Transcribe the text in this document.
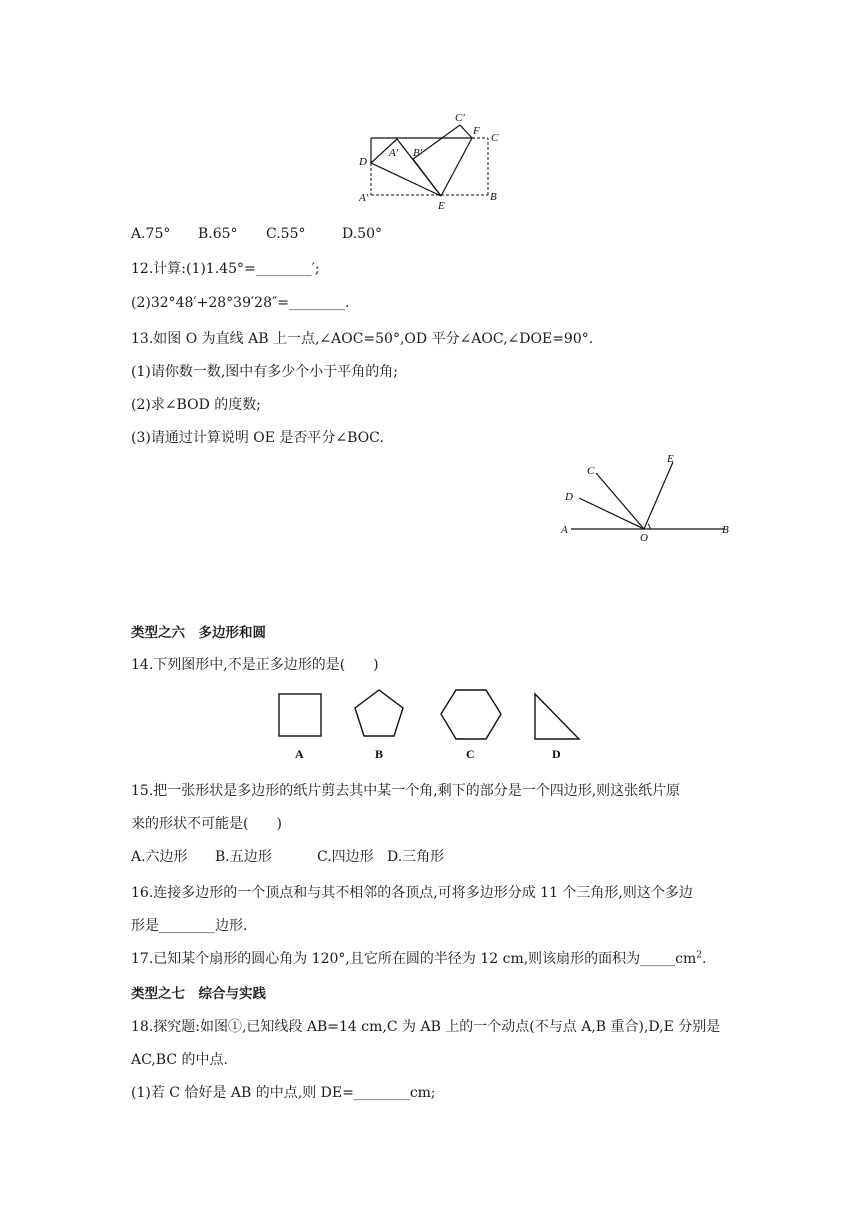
C′
F
C
D
A′ B′
A′
E
B
A.75° B.65° C.55°	D.50°
12.计算:(1)1.45°=________′;
(2)32°48′+28°39′28″=________.
13.如图 O 为直线 AB 上一点,∠AOC=50°,OD 平分∠AOC,∠DOE=90°.
(1)请你数一数,图中有多少个小于平角的角;
(2)求∠BOD 的度数;
(3)请通过计算说明 OE 是否平分∠BOC.
C
E
D
A
O
B
类型之六　多边形和圆
14.下列图形中,不是正多边形的是(　　)
A	B	C	D
15.把一张形状是多边形的纸片剪去其中某一个角,剩下的部分是一个四边形,则这张纸片原
来的形状不可能是(　　)
A.六边形 B.五边形	C.四边形 D.三角形
16.连接多边形的一个顶点和与其不相邻的各顶点,可将多边形分成 11 个三角形,则这个多边
形是________边形.
17.已知某个扇形的圆心角为 120°,且它所在圆的半径为 12 cm,则该扇形的面积为$\_\_\_\_\_cm^2$.
类型之七　综合与实践
18.探究题:如图①,已知线段 AB=14 cm,C 为 AB 上的一个动点(不与点 A,B 重合),D,E 分别是
AC,BC 的中点.
(1)若 C 恰好是 AB 的中点,则 DE=________cm;
